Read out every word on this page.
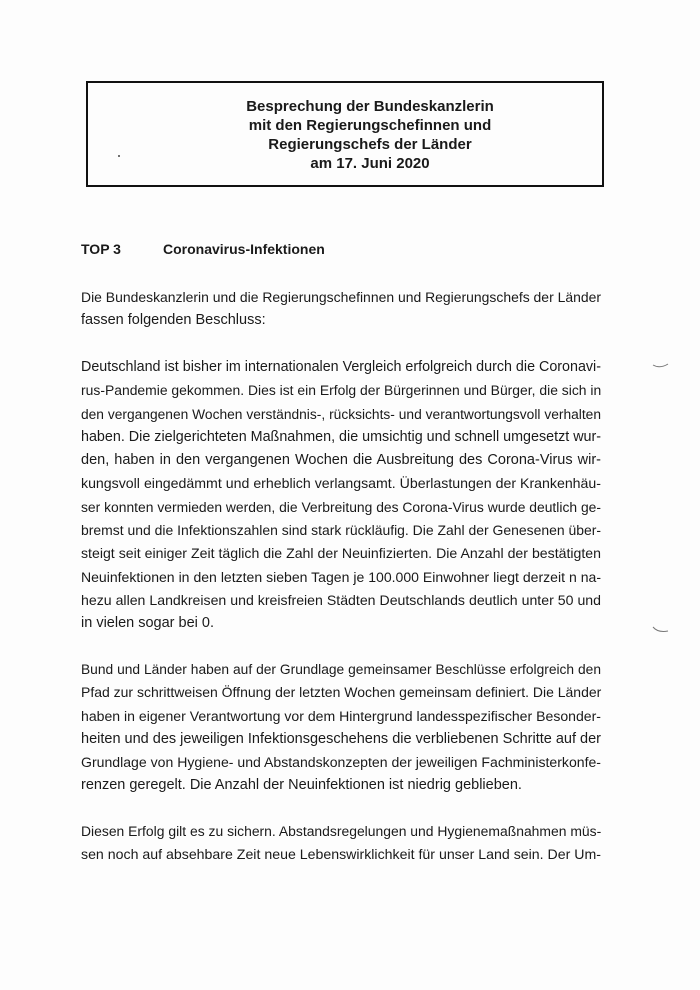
Besprechung der Bundeskanzlerin
mit den Regierungschefinnen und
Regierungschefs der Länder
am 17. Juni 2020
TOP 3	Coronavirus-Infektionen
Die Bundeskanzlerin und die Regierungschefinnen und Regierungschefs der Länder
fassen folgenden Beschluss:
Deutschland ist bisher im internationalen Vergleich erfolgreich durch die Coronavi-
rus-Pandemie gekommen. Dies ist ein Erfolg der Bürgerinnen und Bürger, die sich in
den vergangenen Wochen verständnis-, rücksichts- und verantwortungsvoll verhalten
haben. Die zielgerichteten Maßnahmen, die umsichtig und schnell umgesetzt wur-
den, haben in den vergangenen Wochen die Ausbreitung des Corona-Virus wir-
kungsvoll eingedämmt und erheblich verlangsamt. Überlastungen der Krankenhäu-
ser konnten vermieden werden, die Verbreitung des Corona-Virus wurde deutlich ge-
bremst und die Infektionszahlen sind stark rückläufig. Die Zahl der Genesenen über-
steigt seit einiger Zeit täglich die Zahl der Neuinfizierten. Die Anzahl der bestätigten
Neuinfektionen in den letzten sieben Tagen je 100.000 Einwohner liegt derzeit n na-
hezu allen Landkreisen und kreisfreien Städten Deutschlands deutlich unter 50 und
in vielen sogar bei 0.
Bund und Länder haben auf der Grundlage gemeinsamer Beschlüsse erfolgreich den
Pfad zur schrittweisen Öffnung der letzten Wochen gemeinsam definiert. Die Länder
haben in eigener Verantwortung vor dem Hintergrund landesspezifischer Besonder-
heiten und des jeweiligen Infektionsgeschehens die verbliebenen Schritte auf der
Grundlage von Hygiene- und Abstandskonzepten der jeweiligen Fachministerkonfe-
renzen geregelt. Die Anzahl der Neuinfektionen ist niedrig geblieben.
Diesen Erfolg gilt es zu sichern. Abstandsregelungen und Hygienemaßnahmen müs-
sen noch auf absehbare Zeit neue Lebenswirklichkeit für unser Land sein. Der Um-
